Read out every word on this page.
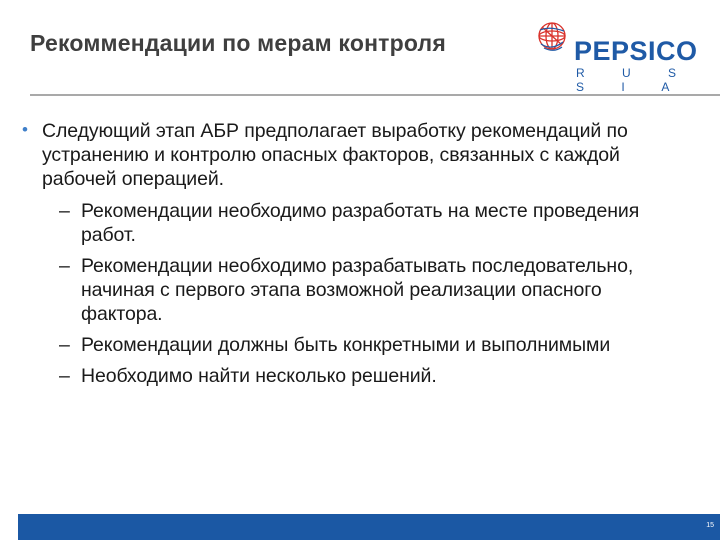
Рекоммендации по мерам контроля	PEPSICO
R U S S I A
• Следующий этап АБР предполагает выработку рекомендаций по устранению и контролю опасных факторов, связанных с каждой рабочей операцией.
– Рекомендации необходимо разработать на месте проведения работ.
– Рекомендации необходимо разрабатывать последовательно, начиная с первого этапа возможной реализации опасного фактора.
– Рекомендации должны быть конкретными и выполнимыми
– Необходимо найти несколько решений.
15
